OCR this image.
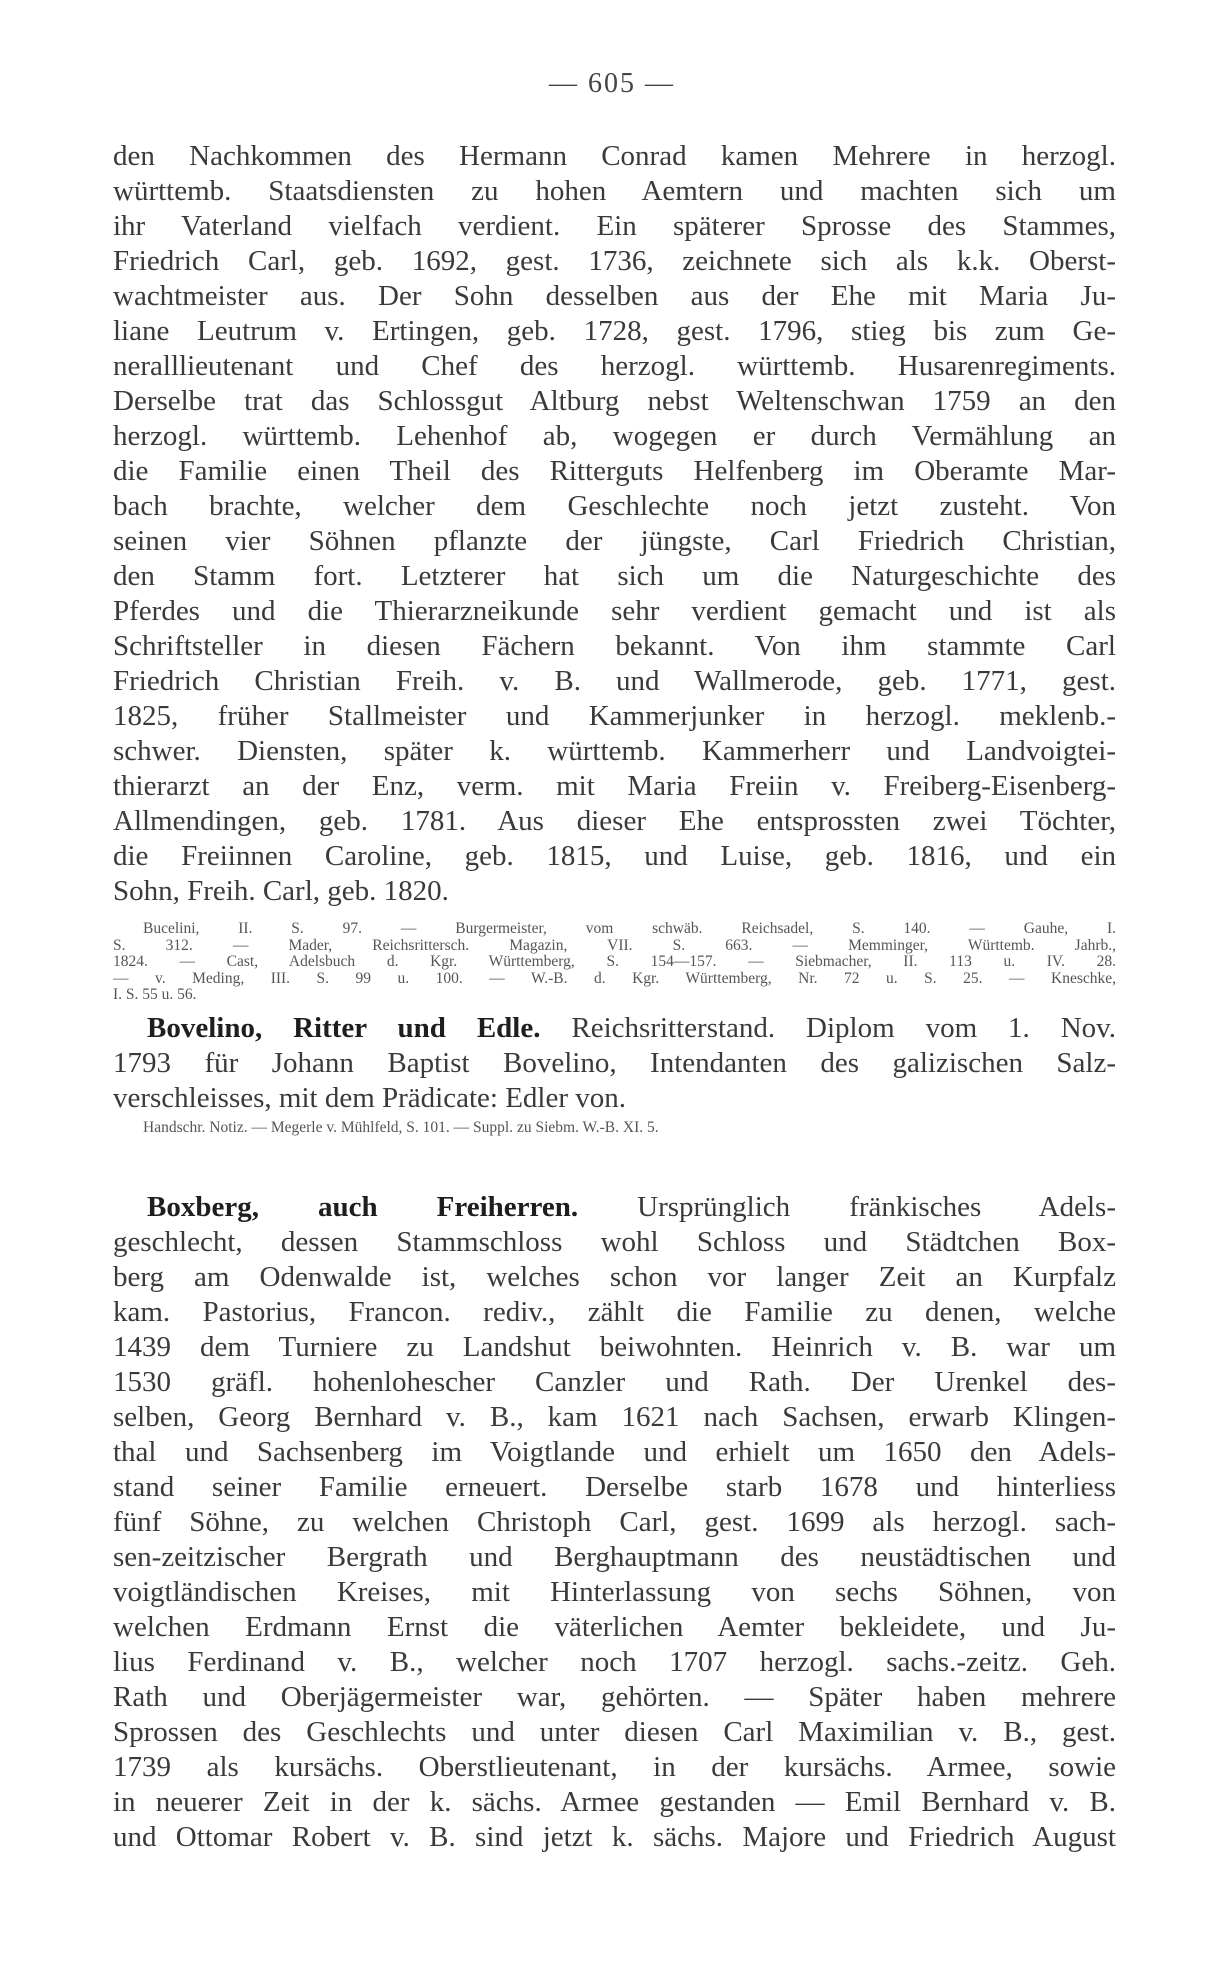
— 605 —
den Nachkommen des Hermann Conrad kamen Mehrere in herzogl.
württemb. Staatsdiensten zu hohen Aemtern und machten sich um
ihr Vaterland vielfach verdient. Ein späterer Sprosse des Stammes,
Friedrich Carl, geb. 1692, gest. 1736, zeichnete sich als k.k. Oberst-
wachtmeister aus. Der Sohn desselben aus der Ehe mit Maria Ju-
liane Leutrum v. Ertingen, geb. 1728, gest. 1796, stieg bis zum Ge-
neralllieutenant und Chef des herzogl. württemb. Husarenregiments.
Derselbe trat das Schlossgut Altburg nebst Weltenschwan 1759 an den
herzogl. württemb. Lehenhof ab, wogegen er durch Vermählung an
die Familie einen Theil des Ritterguts Helfenberg im Oberamte Mar-
bach brachte, welcher dem Geschlechte noch jetzt zusteht. Von
seinen vier Söhnen pflanzte der jüngste, Carl Friedrich Christian,
den Stamm fort. Letzterer hat sich um die Naturgeschichte des
Pferdes und die Thierarzneikunde sehr verdient gemacht und ist als
Schriftsteller in diesen Fächern bekannt. Von ihm stammte Carl
Friedrich Christian Freih. v. B. und Wallmerode, geb. 1771, gest.
1825, früher Stallmeister und Kammerjunker in herzogl. meklenb.-
schwer. Diensten, später k. württemb. Kammerherr und Landvoigtei-
thierarzt an der Enz, verm. mit Maria Freiin v. Freiberg-Eisenberg-
Allmendingen, geb. 1781. Aus dieser Ehe entsprossten zwei Töchter,
die Freiinnen Caroline, geb. 1815, und Luise, geb. 1816, und ein
Sohn, Freih. Carl, geb. 1820.
Bucelini, II. S. 97. — Burgermeister, vom schwäb. Reichsadel, S. 140. — Gauhe, I.
S. 312. — Mader, Reichsrittersch. Magazin, VII. S. 663. — Memminger, Württemb. Jahrb.,
1824. — Cast, Adelsbuch d. Kgr. Württemberg, S. 154—157. — Siebmacher, II. 113 u. IV. 28.
— v. Meding, III. S. 99 u. 100. — W.-B. d. Kgr. Württemberg, Nr. 72 u. S. 25. — Kneschke,
I. S. 55 u. 56.
Bovelino, Ritter und Edle. Reichsritterstand. Diplom vom 1. Nov.
1793 für Johann Baptist Bovelino, Intendanten des galizischen Salz-
verschleisses, mit dem Prädicate: Edler von.
Handschr. Notiz. — Megerle v. Mühlfeld, S. 101. — Suppl. zu Siebm. W.-B. XI. 5.
Boxberg, auch Freiherren. Ursprünglich fränkisches Adels-
geschlecht, dessen Stammschloss wohl Schloss und Städtchen Box-
berg am Odenwalde ist, welches schon vor langer Zeit an Kurpfalz
kam. Pastorius, Francon. rediv., zählt die Familie zu denen, welche
1439 dem Turniere zu Landshut beiwohnten. Heinrich v. B. war um
1530 gräfl. hohenlohescher Canzler und Rath. Der Urenkel des-
selben, Georg Bernhard v. B., kam 1621 nach Sachsen, erwarb Klingen-
thal und Sachsenberg im Voigtlande und erhielt um 1650 den Adels-
stand seiner Familie erneuert. Derselbe starb 1678 und hinterliess
fünf Söhne, zu welchen Christoph Carl, gest. 1699 als herzogl. sach-
sen-zeitzischer Bergrath und Berghauptmann des neustädtischen und
voigtländischen Kreises, mit Hinterlassung von sechs Söhnen, von
welchen Erdmann Ernst die väterlichen Aemter bekleidete, und Ju-
lius Ferdinand v. B., welcher noch 1707 herzogl. sachs.-zeitz. Geh.
Rath und Oberjägermeister war, gehörten. — Später haben mehrere
Sprossen des Geschlechts und unter diesen Carl Maximilian v. B., gest.
1739 als kursächs. Oberstlieutenant, in der kursächs. Armee, sowie
in neuerer Zeit in der k. sächs. Armee gestanden — Emil Bernhard v. B.
und Ottomar Robert v. B. sind jetzt k. sächs. Majore und Friedrich August
